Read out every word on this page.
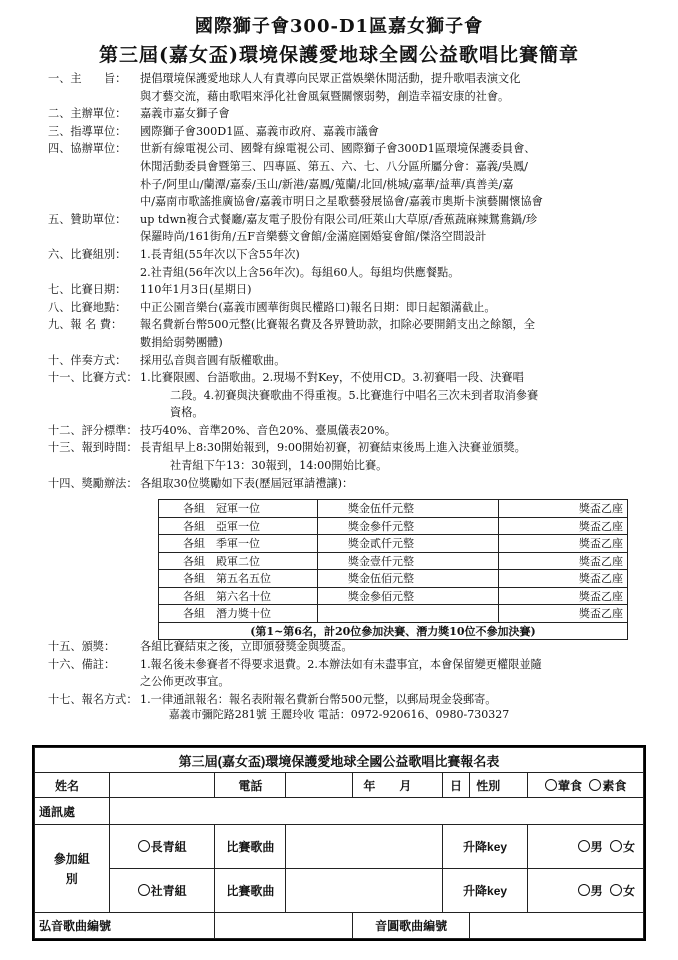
國際獅子會300-D1區嘉女獅子會
第三屆(嘉女盃)環境保護愛地球全國公益歌唱比賽簡章
一、主　　旨：	提倡環境保護愛地球人人有責導向民眾正當娛樂休閒活動，提升歌唱表演文化
與才藝交流，藉由歌唱來淨化社會風氣暨關懷弱勢，創造幸福安康的社會。
二、主辦單位：	嘉義市嘉女獅子會
三、指導單位：	國際獅子會300D1區、嘉義市政府、嘉義市議會
四、協辦單位：	世新有線電視公司、國聲有線電視公司、國際獅子會300D1區環境保護委員會、
休閒活動委員會暨第三、四專區、第五、六、七、八分區所屬分會：嘉義/吳鳳/
朴子/阿里山/蘭潭/嘉泰/玉山/新港/嘉鳳/蒐蘭/北回/桃城/嘉華/益華/真善美/嘉
中/嘉南市歌謠推廣協會/嘉義市明日之星歌藝發展協會/嘉義市奧斯卡演藝關懷協會
五、贊助單位：	up tdwn複合式餐廳/嘉友電子股份有限公司/旺萊山大草原/香蕉蔬麻辣鴛鴦鍋/珍
保羅時尚/161街角/五F音樂藝文會館/金滿庭園婚宴會館/傑洛空間設計
六、比賽組別：	1.長青組(55年次以下含55年次)
2.社青組(56年次以上含56年次)。每組60人。每組均供應餐點。
七、比賽日期：	110年1月3日(星期日)
八、比賽地點：	中正公園音樂台(嘉義市國華街與民權路口)報名日期：即日起額滿截止。
九、報 名 費：	報名費新台幣500元整(比賽報名費及各界贊助款，扣除必要開銷支出之餘額，全
數捐給弱勢團體)
十、伴奏方式：	採用弘音與音圓有版權歌曲。
十一、比賽方式： 1.比賽限國、台語歌曲。2.現場不對Key，不使用CD。3.初賽唱一段、決賽唱
二段。4.初賽與決賽歌曲不得重複。5.比賽進行中唱名三次未到者取消參賽
資格。
十二、評分標準： 技巧40%、音準20%、音色20%、臺風儀表20%。
十三、報到時間： 長青組早上8:30開始報到，9:00開始初賽，初賽結束後馬上進入決賽並頒獎。
社青組下午13：30報到，14:00開始比賽。
十四、獎勵辦法： 各組取30位獎勵如下表(歷屆冠軍請禮讓)：
各組　冠軍一位	獎金伍仟元整	獎盃乙座
各組　亞軍一位	獎金參仟元整	獎盃乙座
各組　季軍一位	獎金貳仟元整	獎盃乙座
各組　殿軍二位	獎金壹仟元整	獎盃乙座
各組　第五名五位	獎金伍佰元整	獎盃乙座
各組　第六名十位	獎金參佰元整	獎盃乙座
各組　潛力獎十位		獎盃乙座
(第1~第6名，計20位參加決賽、潛力獎10位不參加決賽)		
十五、頒獎：	各組比賽結束之後，立即頒發獎金與獎盃。
十六、備註：	1.報名後未參賽者不得要求退費。2.本辦法如有未盡事宜，本會保留變更權限並隨
之公佈更改事宜。
十七、報名方式： 1.一律通訊報名：報名表附報名費新台幣500元整，以郵局現金袋郵寄。
嘉義市彌陀路281號 王麗玲收 電話：0972-920616、0980-730327
第三屆(嘉女盃)環境保護愛地球全國公益歌唱比賽報名表							
姓名		電話		年 月	日	性別	葷食 素食
通訊處							
參加組
別	長青組	比賽歌曲			升降key		男 女
	社青組	比賽歌曲			升降key		男 女
弘音歌曲編號				音圓歌曲編號			
